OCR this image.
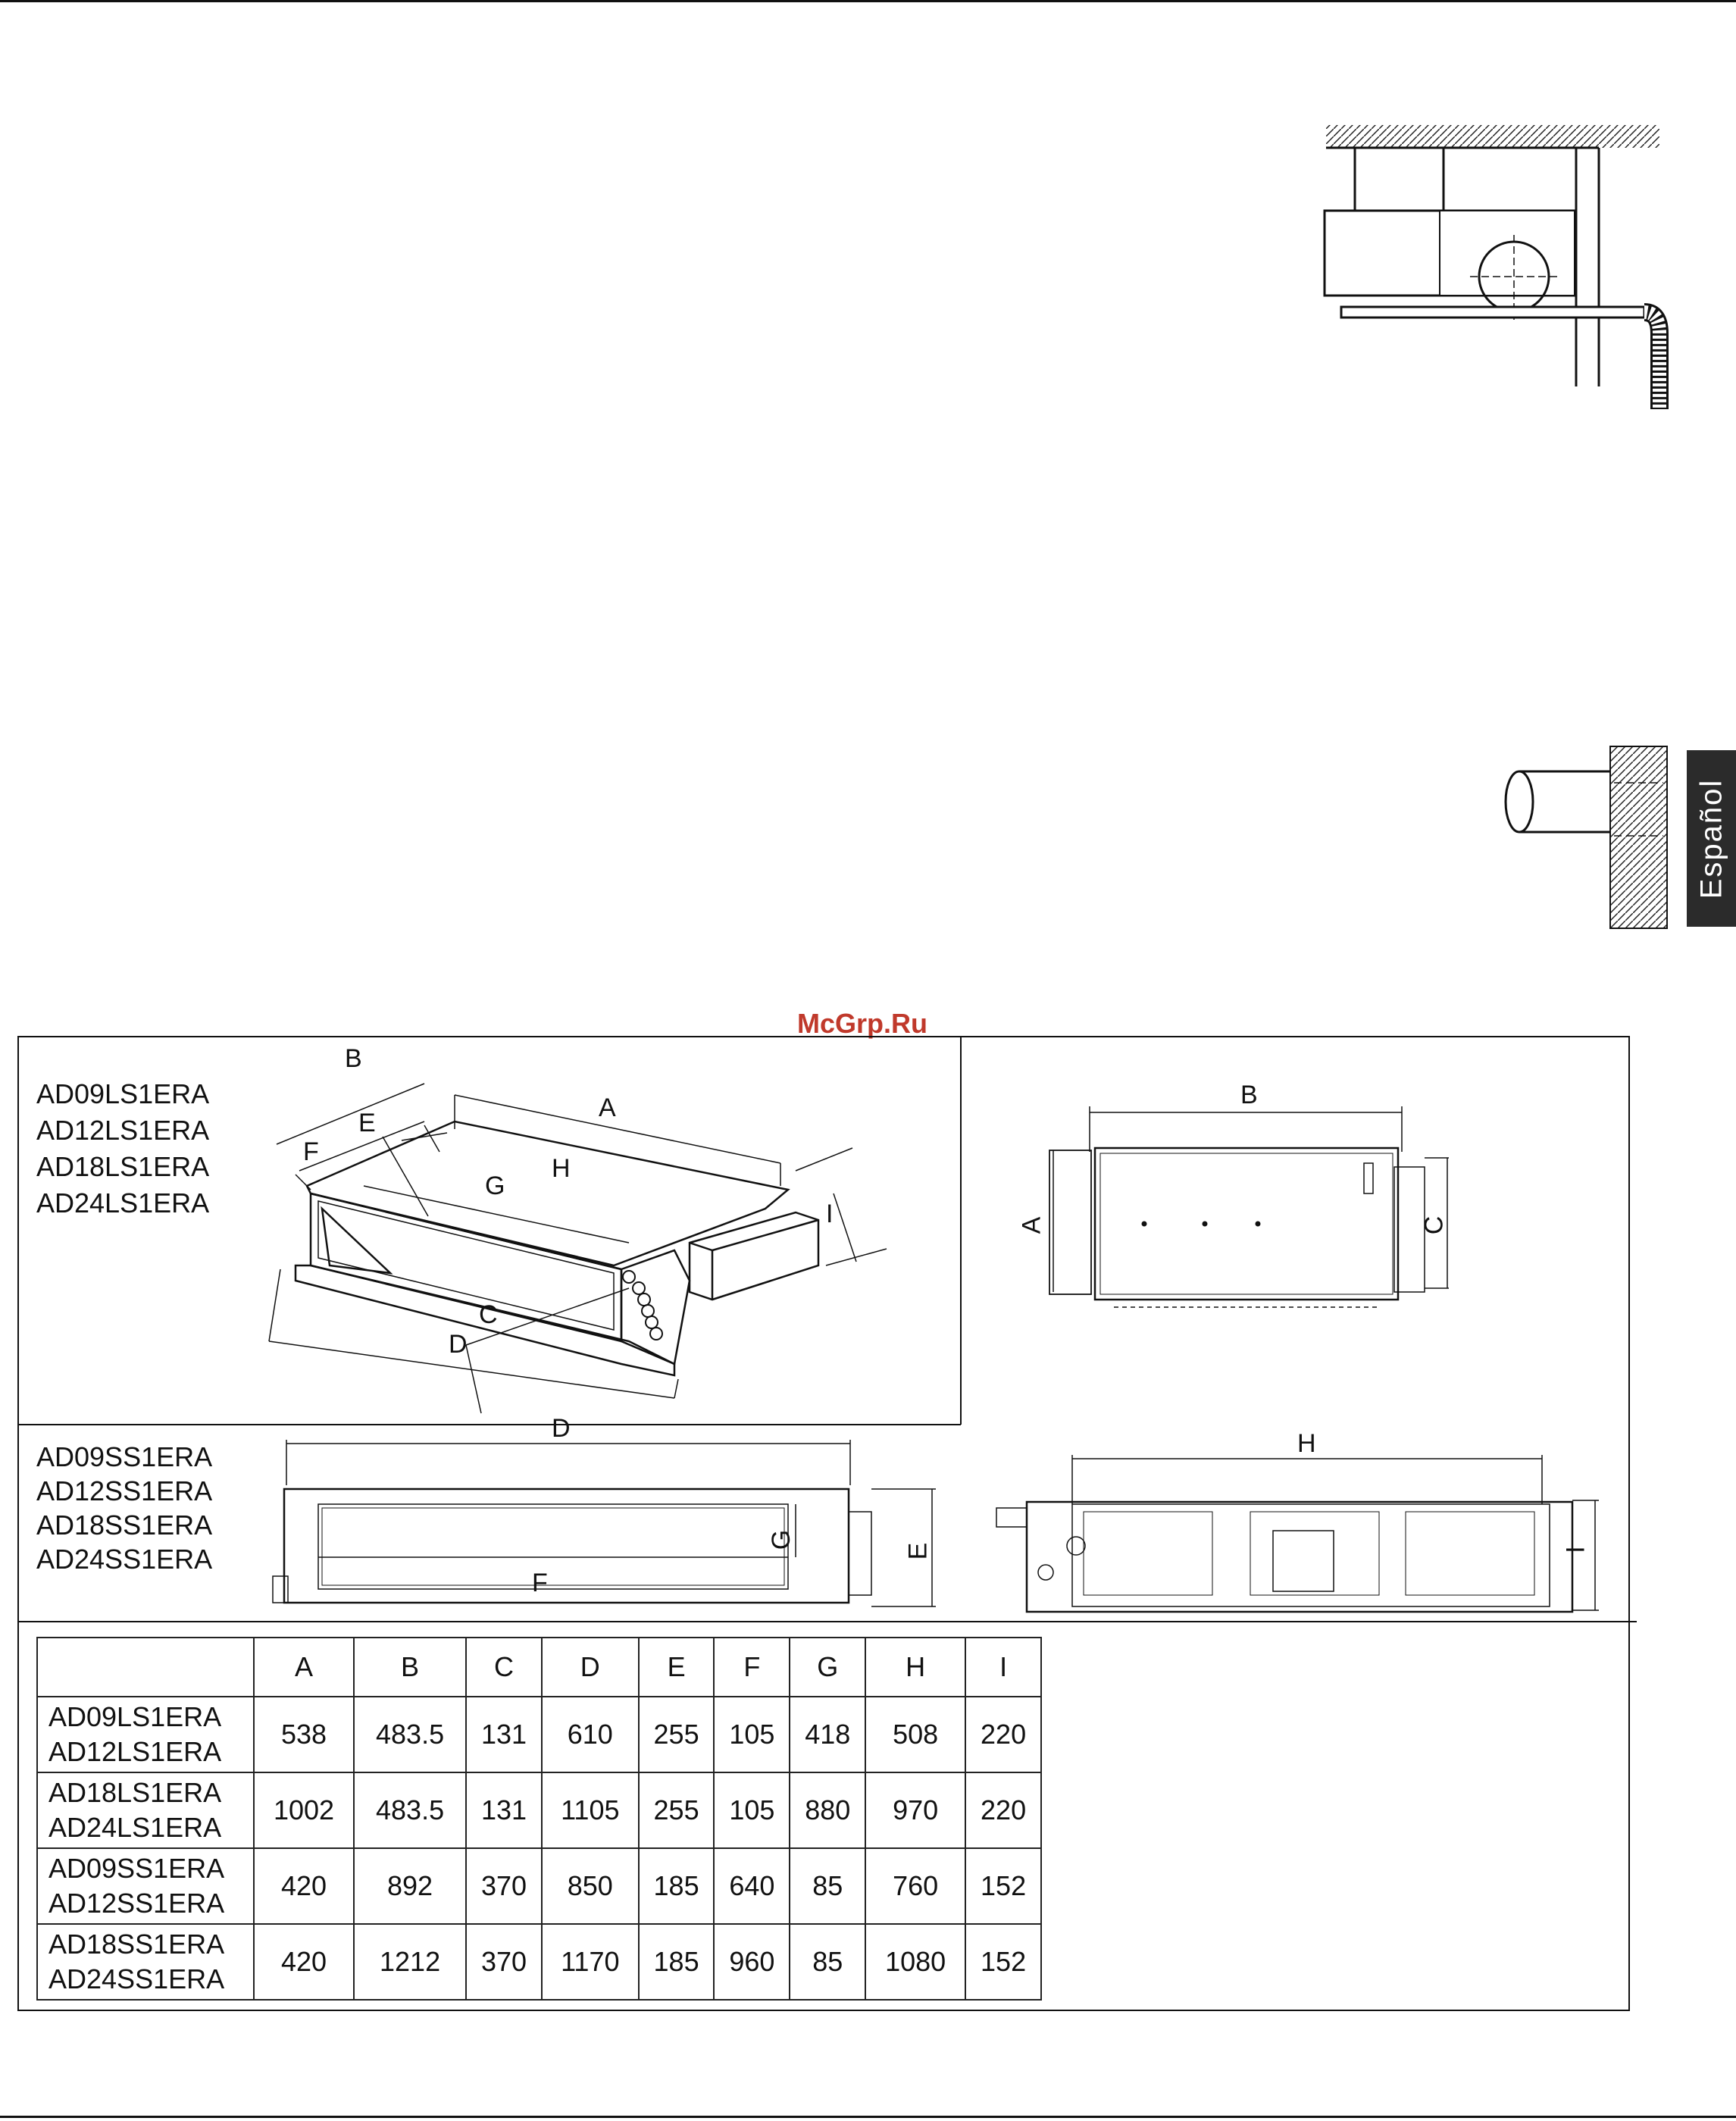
Español
McGrp.Ru
AD09LS1ERA
AD12LS1ERA
AD18LS1ERA
AD24LS1ERA
B
E
F
A
H
G
I
C
D
B
A	C
AD09SS1ERA
AD12SS1ERA
AD18SS1ERA
AD24SS1ERA
D
G
E
F
H
I
	A	B	C	D	E	F	G	H	I

AD09LS1ERA
AD12LS1ERA	538	483.5	131	610	255	105	418	508	220

AD18LS1ERA
AD24LS1ERA	1002	483.5	131	1105	255	105	880	970	220

AD09SS1ERA
AD12SS1ERA	420	892	370	850	185	640	85	760	152

AD18SS1ERA
AD24SS1ERA	420	1212	370	1170	185	960	85	1080	152
